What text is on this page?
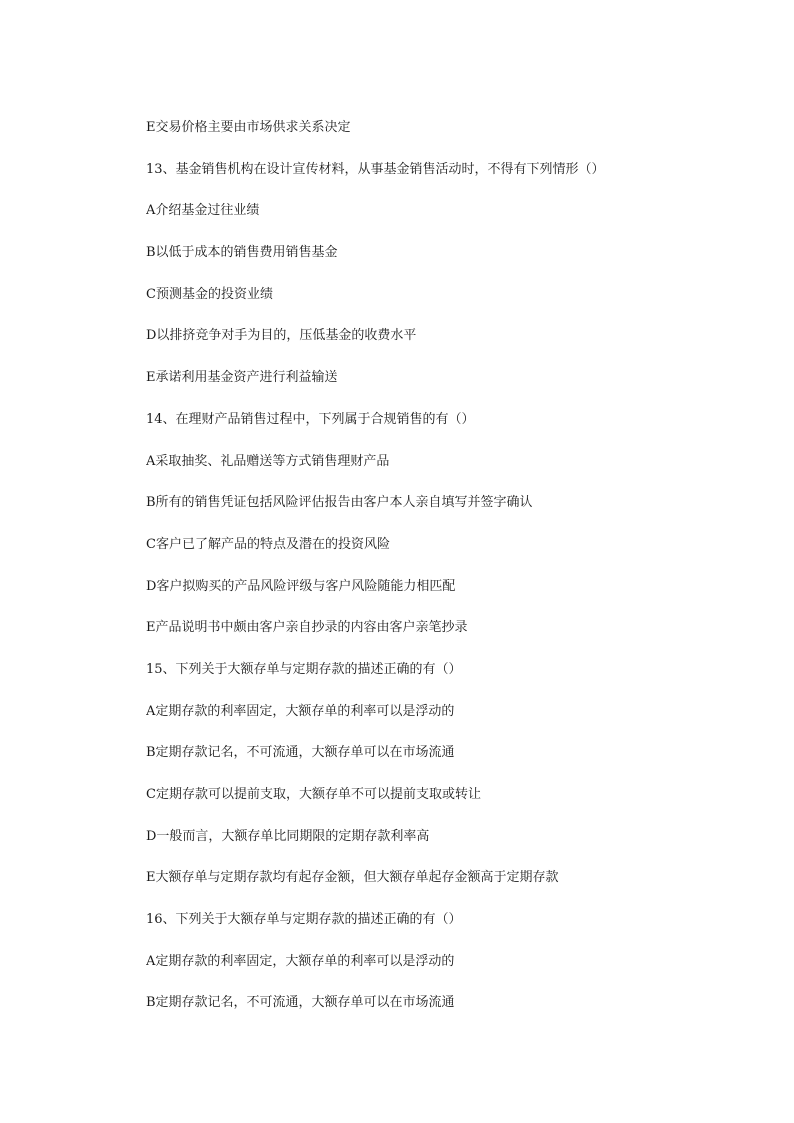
E交易价格主要由市场供求关系决定
13、基金销售机构在设计宣传材料，从事基金销售活动时，不得有下列情形（）
A介绍基金过往业绩
B以低于成本的销售费用销售基金
C预测基金的投资业绩
D以排挤竞争对手为目的，压低基金的收费水平
E承诺利用基金资产进行利益输送
14、在理财产品销售过程中，下列属于合规销售的有（）
A采取抽奖、礼品赠送等方式销售理财产品
B所有的销售凭证包括风险评估报告由客户本人亲自填写并签字确认
C客户已了解产品的特点及潜在的投资风险
D客户拟购买的产品风险评级与客户风险随能力相匹配
E产品说明书中颇由客户亲自抄录的内容由客户亲笔抄录
15、下列关于大额存单与定期存款的描述正确的有（）
A定期存款的利率固定，大额存单的利率可以是浮动的
B定期存款记名，不可流通，大额存单可以在市场流通
C定期存款可以提前支取，大额存单不可以提前支取或转让
D一般而言，大额存单比同期限的定期存款利率高
E大额存单与定期存款均有起存金额，但大额存单起存金额高于定期存款
16、下列关于大额存单与定期存款的描述正确的有（）
A定期存款的利率固定，大额存单的利率可以是浮动的
B定期存款记名，不可流通，大额存单可以在市场流通
